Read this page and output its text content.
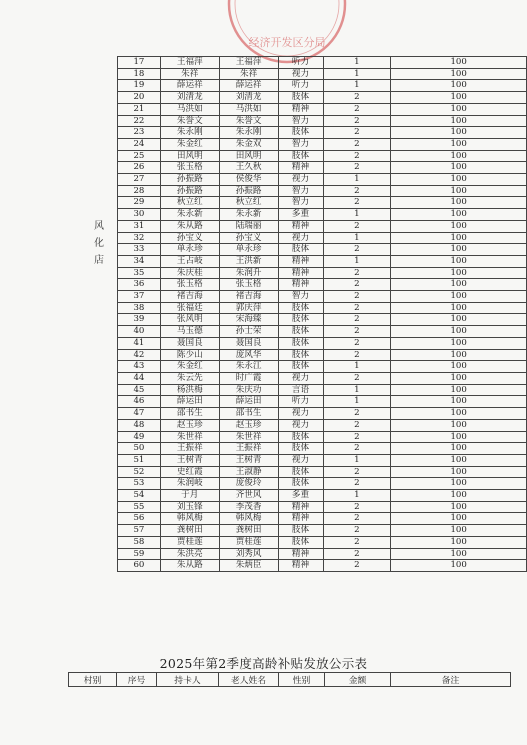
经济开发区分局
风化店
17	王福萍	王福萍	听力	1	100
18	朱祥	朱祥	视力	1	100
19	薛运祥	薛运祥	听力	1	100
20	刘清龙	刘清龙	肢体	2	100
21	马洪如	马洪如	精神	2	100
22	朱誉文	朱誉文	智力	2	100
23	朱永刚	朱永刚	肢体	2	100
24	朱金红	朱金双	智力	2	100
25	田风明	田风明	肢体	2	100
26	张玉格	王久秋	精神	2	100
27	孙振路	侯俊华	视力	1	100
28	孙振路	孙振路	智力	2	100
29	秋立红	秋立红	智力	2	100
30	朱永新	朱永新	多重	1	100
31	朱从路	陆瑞丽	精神	2	100
32	孙宝义	孙宝义	视力	1	100
33	单永珍	单永珍	肢体	2	100
34	王占岐	王洪新	精神	1	100
35	朱庆桂	朱润升	精神	2	100
36	张玉格	张玉格	精神	2	100
37	褚吉海	褚吉海	智力	2	100
38	张福廷	郭庆萍	肢体	2	100
39	张风明	宋海臻	肢体	2	100
40	马玉德	孙士荣	肢体	2	100
41	聂国良	聂国良	肢体	2	100
42	陈少山	庞风华	肢体	2	100
43	朱金红	朱永江	肢体	1	100
44	朱云先	时广霞	视力	2	100
45	杨洪梅	朱庆功	言语	1	100
46	薛运田	薛运田	听力	1	100
47	邵书生	邵书生	视力	2	100
48	赵玉珍	赵玉珍	视力	2	100
49	朱世祥	朱世祥	肢体	2	100
50	王振祥	王振祥	肢体	2	100
51	王树青	王树青	视力	1	100
52	史红霞	王淑静	肢体	2	100
53	朱润岐	庞俊玲	肢体	2	100
54	于月	齐世风	多重	1	100
55	刘玉锋	李茂香	精神	2	100
56	韩风梅	韩风梅	精神	2	100
57	龚树田	龚树田	肢体	2	100
58	贾桂莲	贾桂莲	肢体	2	100
59	朱洪亮	刘秀风	精神	2	100
60	朱从路	朱炳臣	精神	2	100
2025年第2季度高龄补贴发放公示表
村别	序号	持卡人	老人姓名	性别	金额	备注
